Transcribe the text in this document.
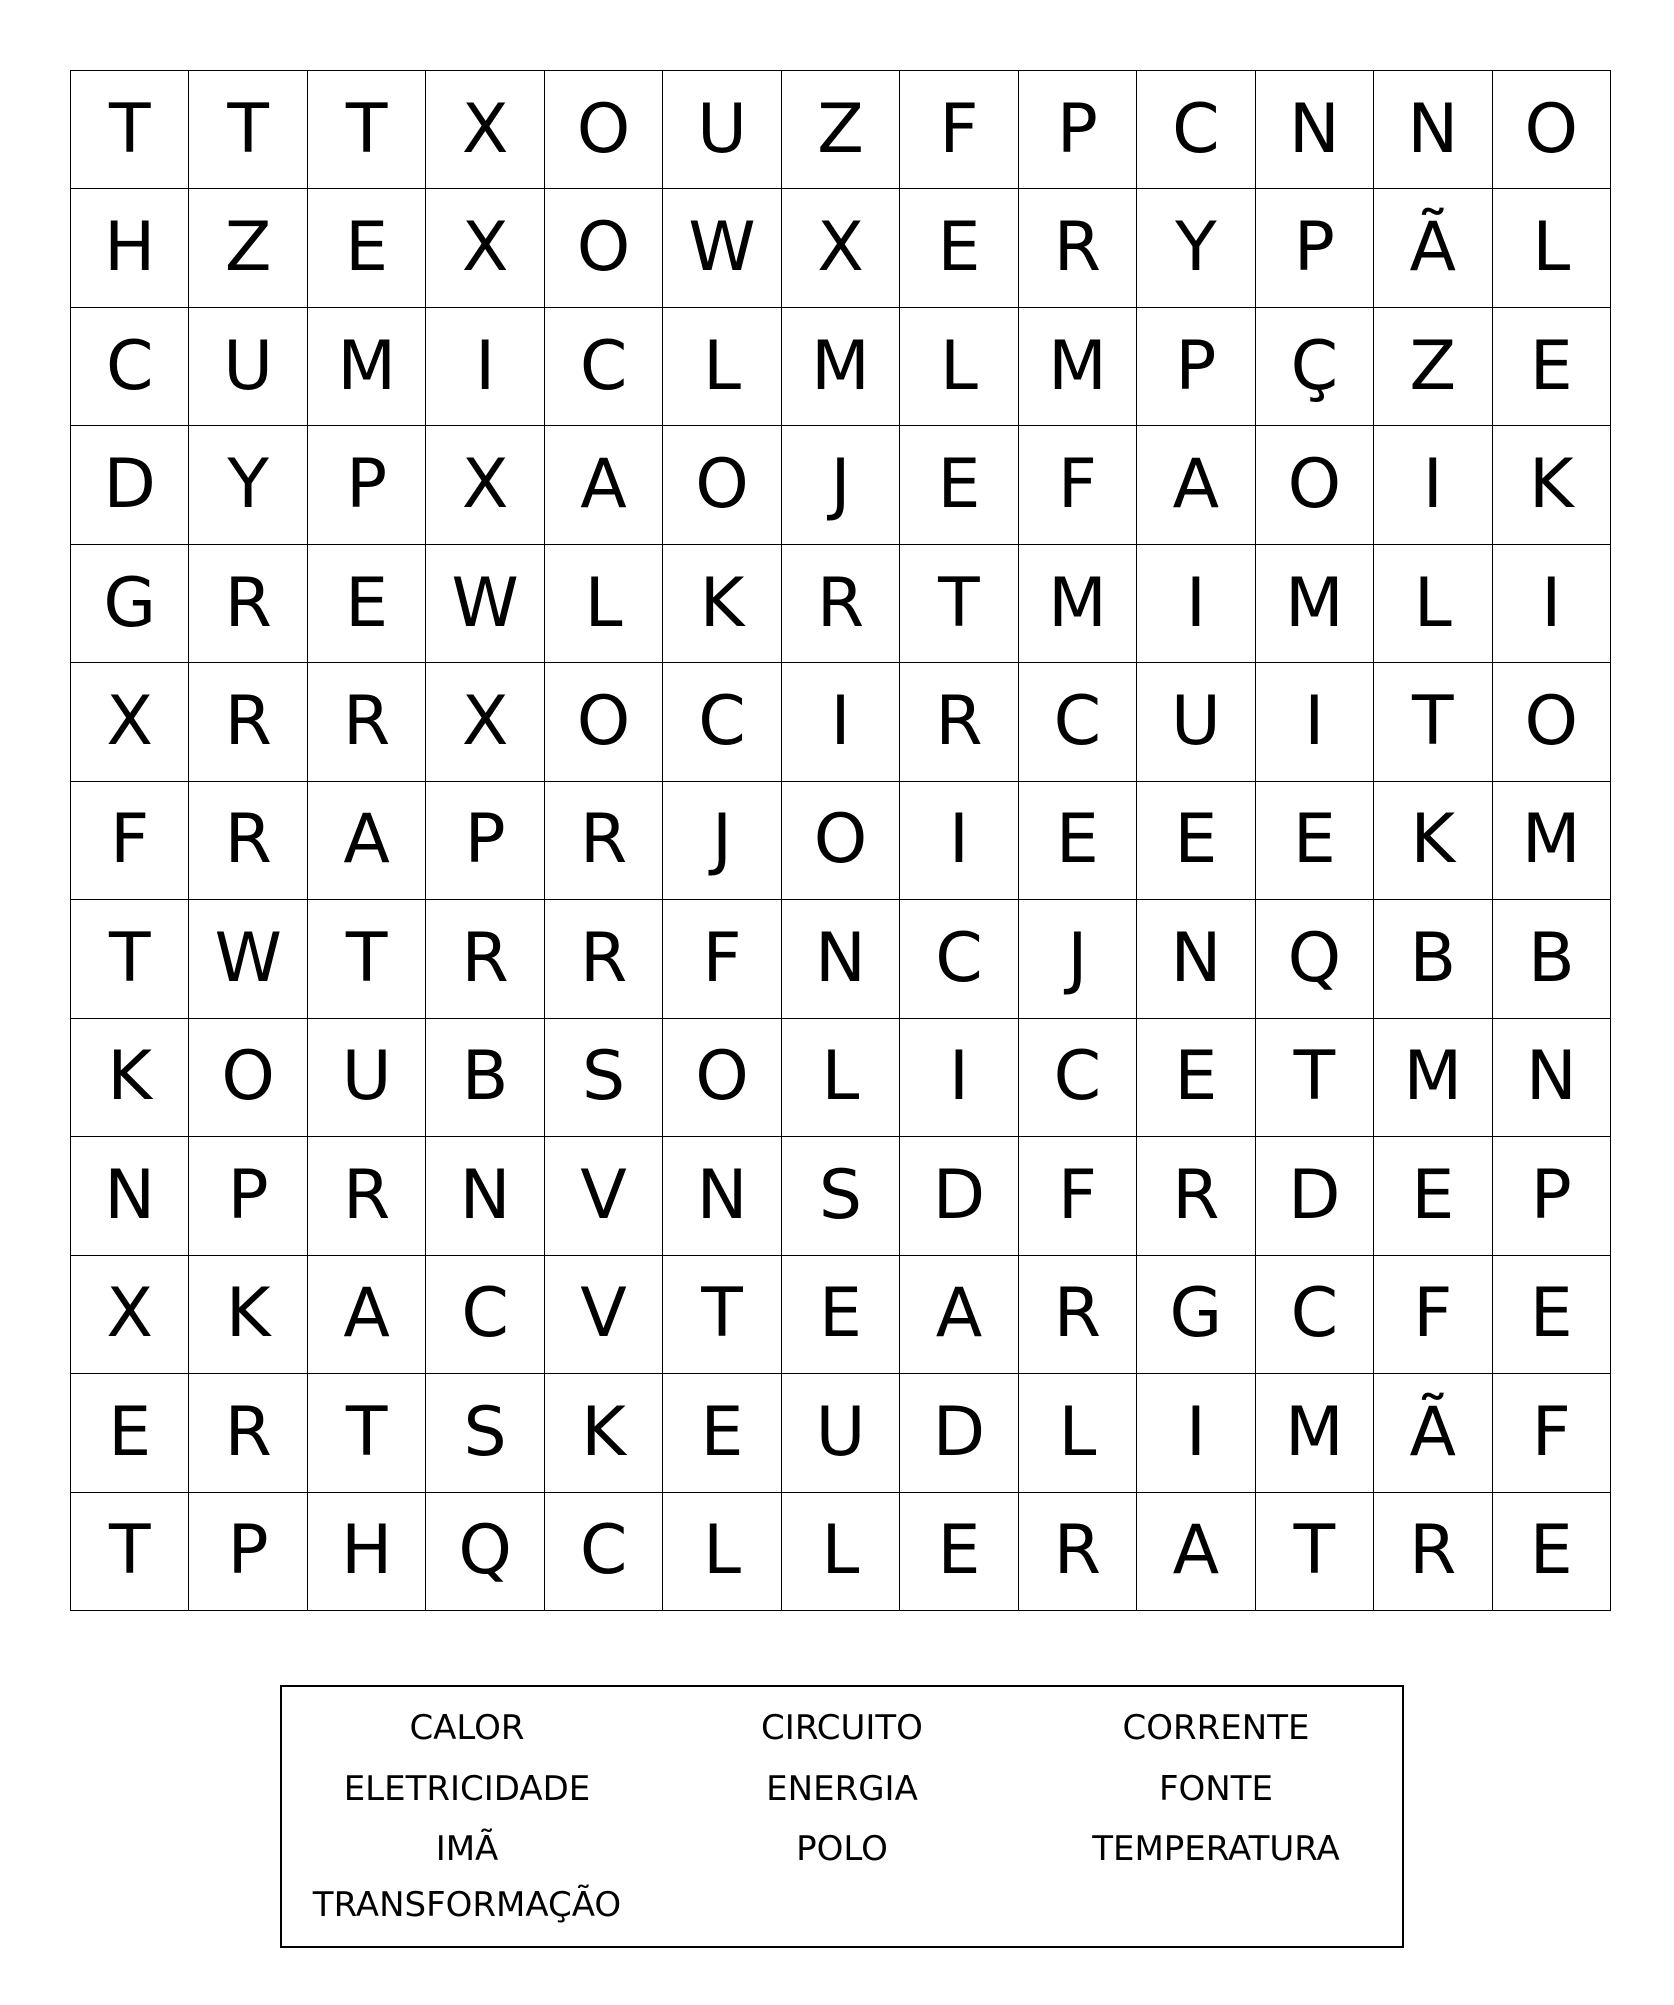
T	T	T	X	O U	Z	F	P	C	N N O
H	Z	E	X	O W X	E	R	Y	P	Ã	L
C	U M	I	C	L	M	L	M	P	Ç	Z	E
D	Y	P	X	A	O	J	E	F	A	O	I	K
G	R	E W L	K	R	T	M	I	M	L	I
X	R	R	X	O C	I	R	C	U	I	T	O
F	R	A	P	R	J	O	I	E	E	E	K M
T W T	R	R	F	N	C	J	N Q	B	B
K	O U	B	S	O	L	I	C	E	T	M N
N	P	R	N	V	N	S	D	F	R	D	E	P
X	K	A	C	V	T	E	A	R	G	C	F	E
E	R	T	S	K	E	U D	L	I	M Ã	F
T	P	H Q C	L	L	E	R	A	T	R	E
CALOR	CIRCUITO	CORRENTE
ELETRICIDADE	ENERGIA	FONTE
IMÃ	POLO	TEMPERATURA
TRANSFORMAÇÃO
